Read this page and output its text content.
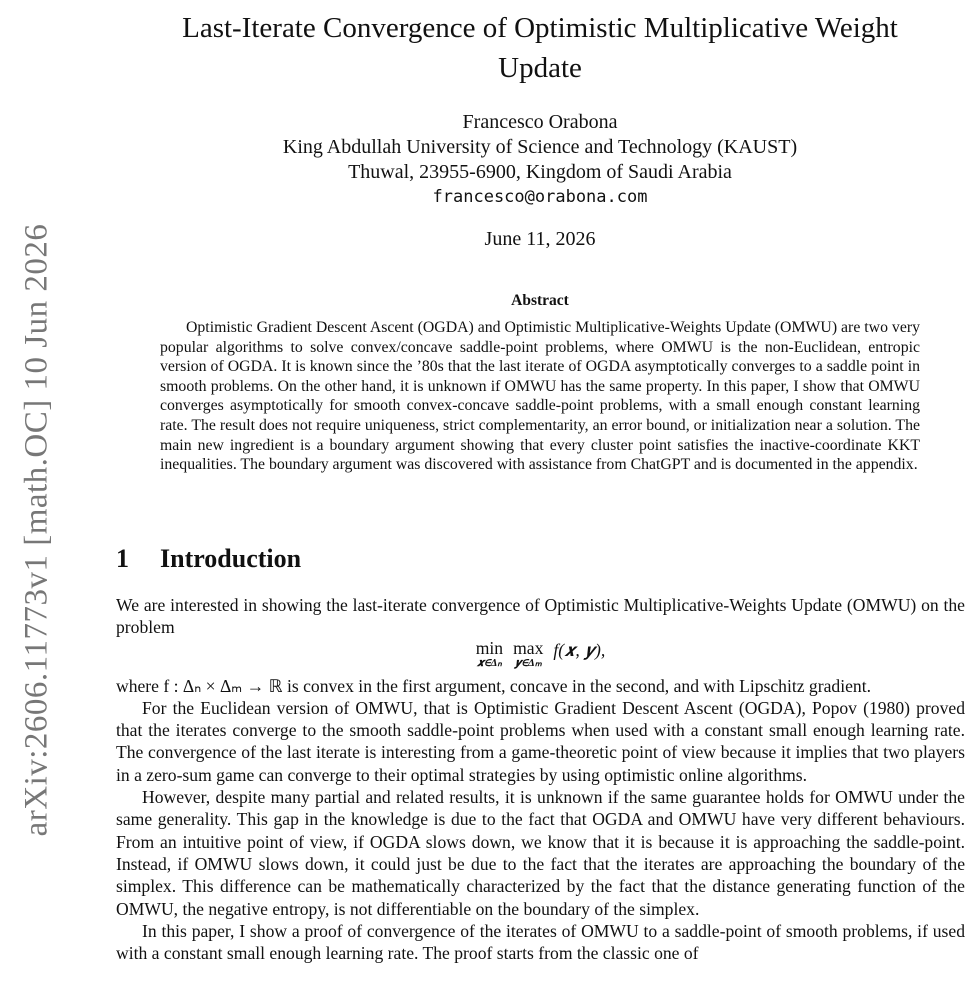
arXiv:2606.11773v1 [math.OC] 10 Jun 2026
Last-Iterate Convergence of Optimistic Multiplicative Weight
Update
Francesco Orabona
King Abdullah University of Science and Technology (KAUST)
Thuwal, 23955-6900, Kingdom of Saudi Arabia
francesco@orabona.com
June 11, 2026
Abstract
Optimistic Gradient Descent Ascent (OGDA) and Optimistic Multiplicative-Weights Update (OMWU) are two very popular algorithms to solve convex/concave saddle-point problems, where OMWU is the non-Euclidean, entropic version of OGDA. It is known since the ’80s that the last iterate of OGDA asymptotically converges to a saddle point in smooth problems. On the other hand, it is unknown if OMWU has the same property. In this paper, I show that OMWU converges asymptotically for smooth convex-concave saddle-point problems, with a small enough constant learning rate. The result does not require uniqueness, strict complementarity, an error bound, or initialization near a solution. The main new ingredient is a boundary argument showing that every cluster point satisfies the inactive-coordinate KKT inequalities. The boundary argument was discovered with assistance from ChatGPT and is documented in the appendix.
1 Introduction

We are interested in showing the last-iterate convergence of Optimistic Multiplicative-Weights Update (OMWU) on the problem

min
𝒙∈Δₙ
max
𝒚∈Δₘ
f(𝒙, 𝒚),

where f : Δₙ × Δₘ → ℝ is convex in the first argument, concave in the second, and with Lipschitz gradient.

For the Euclidean version of OMWU, that is Optimistic Gradient Descent Ascent (OGDA), Popov (1980) proved that the iterates converge to the smooth saddle-point problems when used with a constant small enough learning rate. The convergence of the last iterate is interesting from a game-theoretic point of view because it implies that two players in a zero-sum game can converge to their optimal strategies by using optimistic online algorithms.

However, despite many partial and related results, it is unknown if the same guarantee holds for OMWU under the same generality. This gap in the knowledge is due to the fact that OGDA and OMWU have very different behaviours. From an intuitive point of view, if OGDA slows down, we know that it is because it is approaching the saddle-point. Instead, if OMWU slows down, it could just be due to the fact that the iterates are approaching the boundary of the simplex. This difference can be mathematically characterized by the fact that the distance generating function of the OMWU, the negative entropy, is not differentiable on the boundary of the simplex.

In this paper, I show a proof of convergence of the iterates of OMWU to a saddle-point of smooth problems, if used with a constant small enough learning rate. The proof starts from the classic one of
